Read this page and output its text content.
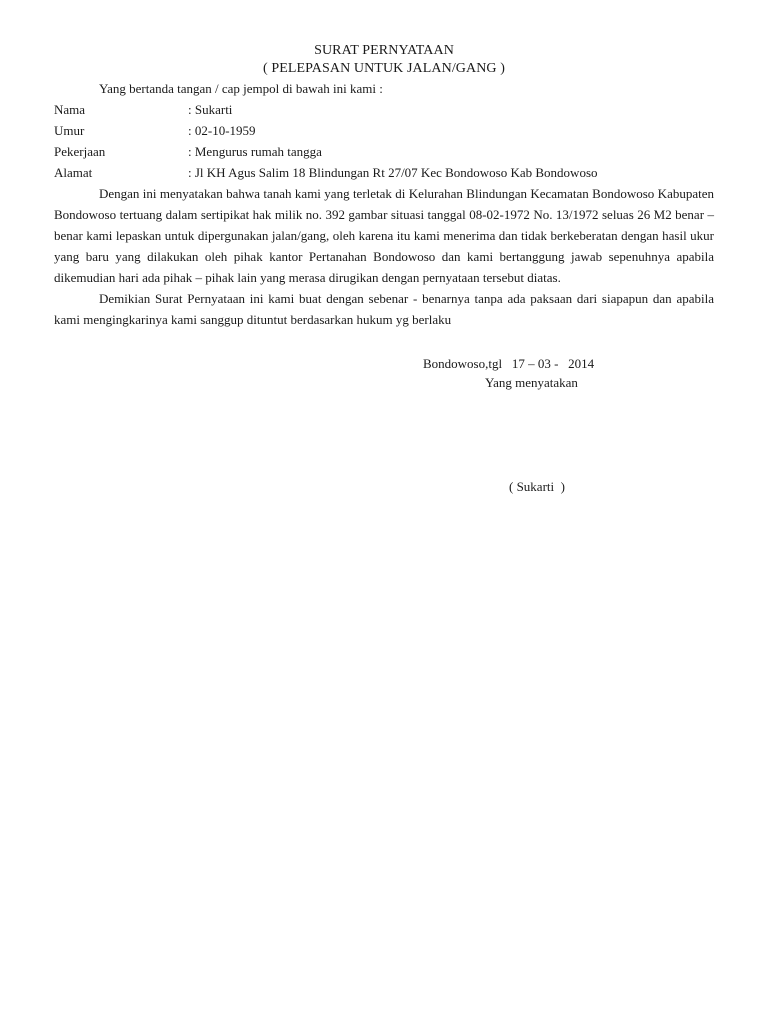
SURAT PERNYATAAN

( PELEPASAN UNTUK JALAN/GANG )

Yang bertanda tangan / cap jempol di bawah ini kami :

Nama	: Sukarti
Umur	: 02-10-1959
Pekerjaan	: Mengurus rumah tangga
Alamat	: Jl KH Agus Salim 18 Blindungan Rt 27/07 Kec Bondowoso Kab Bondowoso

Dengan ini menyatakan bahwa tanah kami yang terletak di Kelurahan Blindungan Kecamatan Bondowoso Kabupaten Bondowoso tertuang dalam sertipikat hak milik no. 392 gambar situasi tanggal 08-02-1972 No. 13/1972 seluas 26 M2 benar – benar kami lepaskan untuk dipergunakan jalan/gang, oleh karena itu kami menerima dan tidak berkeberatan dengan hasil ukur yang baru yang dilakukan oleh pihak kantor Pertanahan Bondowoso dan kami bertanggung jawab sepenuhnya apabila dikemudian hari ada pihak – pihak lain yang merasa dirugikan dengan pernyataan tersebut diatas.

Demikian Surat Pernyataan ini kami buat dengan sebenar - benarnya tanpa ada paksaan dari siapapun dan apabila kami mengingkarinya kami sanggup dituntut berdasarkan hukum yg berlaku

Bondowoso,tgl   17 – 03 -   2014
Yang menyatakan
( Sukarti  )
